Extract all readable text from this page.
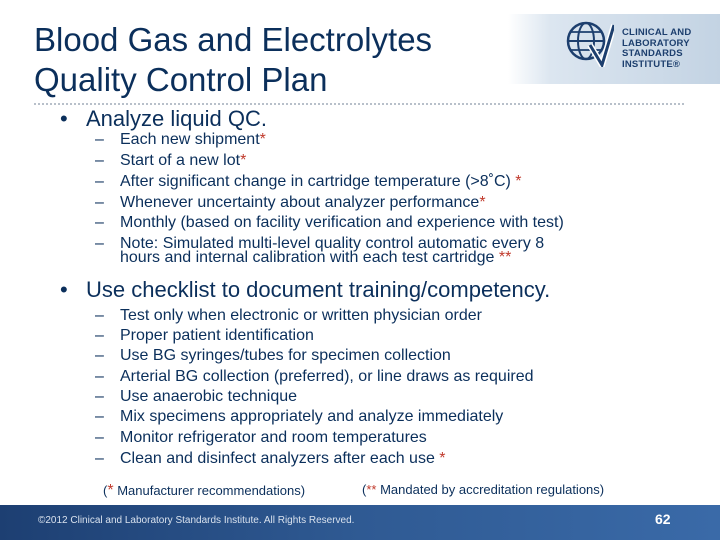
Blood Gas and Electrolytes
Quality Control Plan
CLINICAL AND
LABORATORY
STANDARDS
INSTITUTE®
• Analyze liquid QC.
– Each new shipment*
– Start of a new lot*
– After significant change in cartridge temperature (>8˚C) *
– Whenever uncertainty about analyzer performance*
– Monthly (based on facility verification and experience with test)
– Note: Simulated multi-level quality control automatic every 8
hours and internal calibration with each test cartridge **
• Use checklist to document training/competency.
– Test only when electronic or written physician order
– Proper patient identification
– Use BG syringes/tubes for specimen collection
– Arterial BG collection (preferred), or line draws as required
– Use anaerobic technique
– Mix specimens appropriately and analyze immediately
– Monitor refrigerator and room temperatures
– Clean and disinfect analyzers after each use *
(* Manufacturer recommendations)	(** Mandated by accreditation regulations)
©2012 Clinical and Laboratory Standards Institute. All Rights Reserved.	62
